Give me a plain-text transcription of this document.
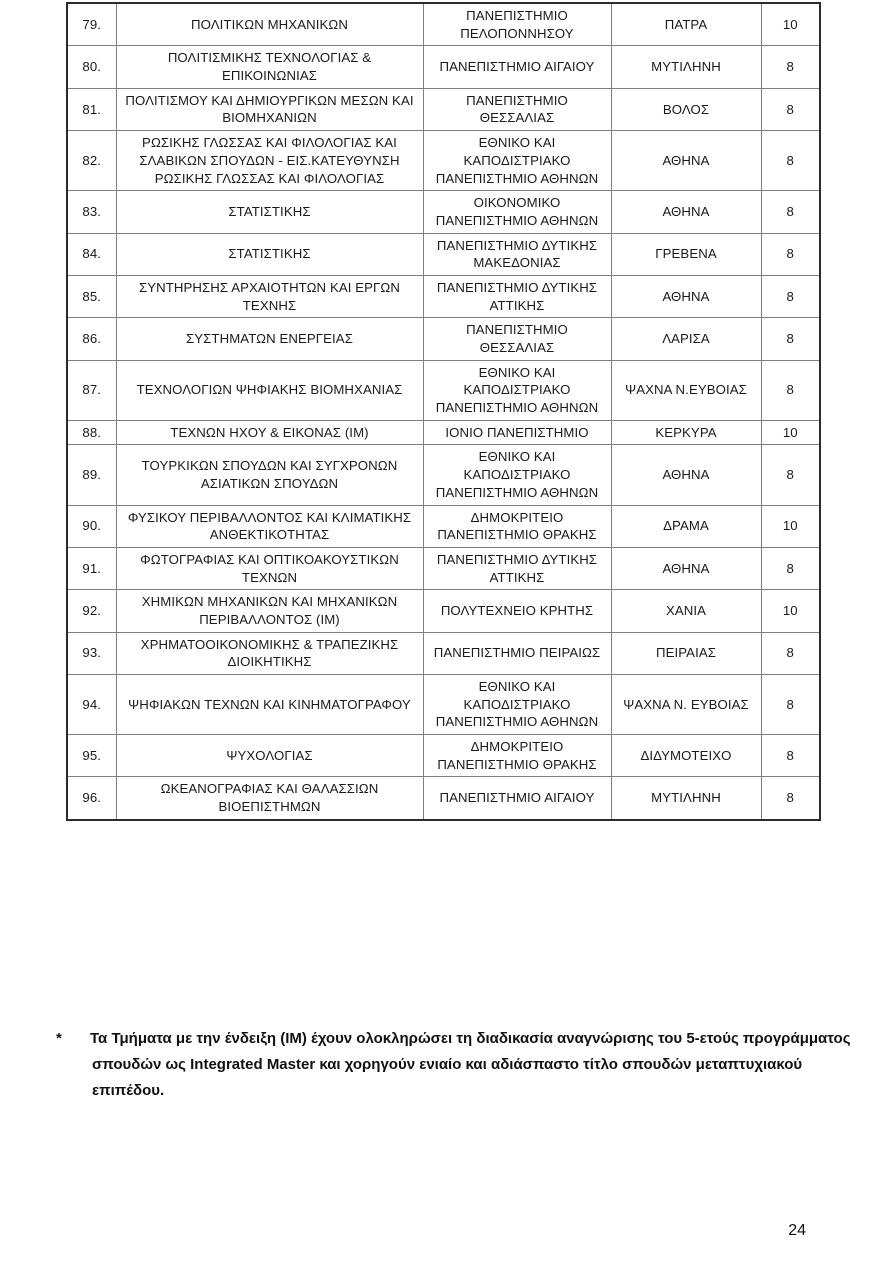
79.	ΠΟΛΙΤΙΚΩΝ ΜΗΧΑΝΙΚΩΝ	ΠΑΝΕΠΙΣΤΗΜΙΟ ΠΕΛΟΠΟΝΝΗΣΟΥ	ΠΑΤΡΑ	10
80.	ΠΟΛΙΤΙΣΜΙΚΗΣ ΤΕΧΝΟΛΟΓΙΑΣ & ΕΠΙΚΟΙΝΩΝΙΑΣ	ΠΑΝΕΠΙΣΤΗΜΙΟ ΑΙΓΑΙΟΥ	ΜΥΤΙΛΗΝΗ	8
81.	ΠΟΛΙΤΙΣΜΟΥ ΚΑΙ ΔΗΜΙΟΥΡΓΙΚΩΝ ΜΕΣΩΝ ΚΑΙ ΒΙΟΜΗΧΑΝΙΩΝ	ΠΑΝΕΠΙΣΤΗΜΙΟ ΘΕΣΣΑΛΙΑΣ	ΒΟΛΟΣ	8
82.	ΡΩΣΙΚΗΣ ΓΛΩΣΣΑΣ ΚΑΙ ΦΙΛΟΛΟΓΙΑΣ ΚΑΙ ΣΛΑΒΙΚΩΝ ΣΠΟΥΔΩΝ - ΕΙΣ.ΚΑΤΕΥΘΥΝΣΗ ΡΩΣΙΚΗΣ ΓΛΩΣΣΑΣ ΚΑΙ ΦΙΛΟΛΟΓΙΑΣ	ΕΘΝΙΚΟ ΚΑΙ ΚΑΠΟΔΙΣΤΡΙΑΚΟ ΠΑΝΕΠΙΣΤΗΜΙΟ ΑΘΗΝΩΝ	ΑΘΗΝΑ	8
83.	ΣΤΑΤΙΣΤΙΚΗΣ	ΟΙΚΟΝΟΜΙΚΟ ΠΑΝΕΠΙΣΤΗΜΙΟ ΑΘΗΝΩΝ	ΑΘΗΝΑ	8
84.	ΣΤΑΤΙΣΤΙΚΗΣ	ΠΑΝΕΠΙΣΤΗΜΙΟ ΔΥΤΙΚΗΣ ΜΑΚΕΔΟΝΙΑΣ	ΓΡΕΒΕΝΑ	8
85.	ΣΥΝΤΗΡΗΣΗΣ ΑΡΧΑΙΟΤΗΤΩΝ ΚΑΙ ΕΡΓΩΝ ΤΕΧΝΗΣ	ΠΑΝΕΠΙΣΤΗΜΙΟ ΔΥΤΙΚΗΣ ΑΤΤΙΚΗΣ	ΑΘΗΝΑ	8
86.	ΣΥΣΤΗΜΑΤΩΝ ΕΝΕΡΓΕΙΑΣ	ΠΑΝΕΠΙΣΤΗΜΙΟ ΘΕΣΣΑΛΙΑΣ	ΛΑΡΙΣΑ	8
87.	ΤΕΧΝΟΛΟΓΙΩΝ ΨΗΦΙΑΚΗΣ ΒΙΟΜΗΧΑΝΙΑΣ	ΕΘΝΙΚΟ ΚΑΙ ΚΑΠΟΔΙΣΤΡΙΑΚΟ ΠΑΝΕΠΙΣΤΗΜΙΟ ΑΘΗΝΩΝ	ΨΑΧΝΑ Ν.ΕΥΒΟΙΑΣ	8
88.	ΤΕΧΝΩΝ ΗΧΟΥ & ΕΙΚΟΝΑΣ (ΙΜ)	ΙΟΝΙΟ ΠΑΝΕΠΙΣΤΗΜΙΟ	ΚΕΡΚΥΡΑ	10
89.	ΤΟΥΡΚΙΚΩΝ ΣΠΟΥΔΩΝ ΚΑΙ ΣΥΓΧΡΟΝΩΝ ΑΣΙΑΤΙΚΩΝ ΣΠΟΥΔΩΝ	ΕΘΝΙΚΟ ΚΑΙ ΚΑΠΟΔΙΣΤΡΙΑΚΟ ΠΑΝΕΠΙΣΤΗΜΙΟ ΑΘΗΝΩΝ	ΑΘΗΝΑ	8
90.	ΦΥΣΙΚΟΥ ΠΕΡΙΒΑΛΛΟΝΤΟΣ ΚΑΙ ΚΛΙΜΑΤΙΚΗΣ ΑΝΘΕΚΤΙΚΟΤΗΤΑΣ	ΔΗΜΟΚΡΙΤΕΙΟ ΠΑΝΕΠΙΣΤΗΜΙΟ ΘΡΑΚΗΣ	ΔΡΑΜΑ	10
91.	ΦΩΤΟΓΡΑΦΙΑΣ ΚΑΙ ΟΠΤΙΚΟΑΚΟΥΣΤΙΚΩΝ ΤΕΧΝΩΝ	ΠΑΝΕΠΙΣΤΗΜΙΟ ΔΥΤΙΚΗΣ ΑΤΤΙΚΗΣ	ΑΘΗΝΑ	8
92.	ΧΗΜΙΚΩΝ ΜΗΧΑΝΙΚΩΝ ΚΑΙ ΜΗΧΑΝΙΚΩΝ ΠΕΡΙΒΑΛΛΟΝΤΟΣ (ΙΜ)	ΠΟΛΥΤΕΧΝΕΙΟ ΚΡΗΤΗΣ	ΧΑΝΙΑ	10
93.	ΧΡΗΜΑΤΟΟΙΚΟΝΟΜΙΚΗΣ & ΤΡΑΠΕΖΙΚΗΣ ΔΙΟΙΚΗΤΙΚΗΣ	ΠΑΝΕΠΙΣΤΗΜΙΟ ΠΕΙΡΑΙΩΣ	ΠΕΙΡΑΙΑΣ	8
94.	ΨΗΦΙΑΚΩΝ ΤΕΧΝΩΝ ΚΑΙ ΚΙΝΗΜΑΤΟΓΡΑΦΟΥ	ΕΘΝΙΚΟ ΚΑΙ ΚΑΠΟΔΙΣΤΡΙΑΚΟ ΠΑΝΕΠΙΣΤΗΜΙΟ ΑΘΗΝΩΝ	ΨΑΧΝΑ Ν. ΕΥΒΟΙΑΣ	8
95.	ΨΥΧΟΛΟΓΙΑΣ	ΔΗΜΟΚΡΙΤΕΙΟ ΠΑΝΕΠΙΣΤΗΜΙΟ ΘΡΑΚΗΣ	ΔΙΔΥΜΟΤΕΙΧΟ	8
96.	ΩΚΕΑΝΟΓΡΑΦΙΑΣ ΚΑΙ ΘΑΛΑΣΣΙΩΝ ΒΙΟΕΠΙΣΤΗΜΩΝ	ΠΑΝΕΠΙΣΤΗΜΙΟ ΑΙΓΑΙΟΥ	ΜΥΤΙΛΗΝΗ	8
* Τα Τμήματα με την ένδειξη (ΙΜ) έχουν ολοκληρώσει τη διαδικασία αναγνώρισης του 5-ετούς προγράμματος σπουδών ως Integrated Master και χορηγούν ενιαίο και αδιάσπαστο τίτλο σπουδών μεταπτυχιακού επιπέδου.
24
